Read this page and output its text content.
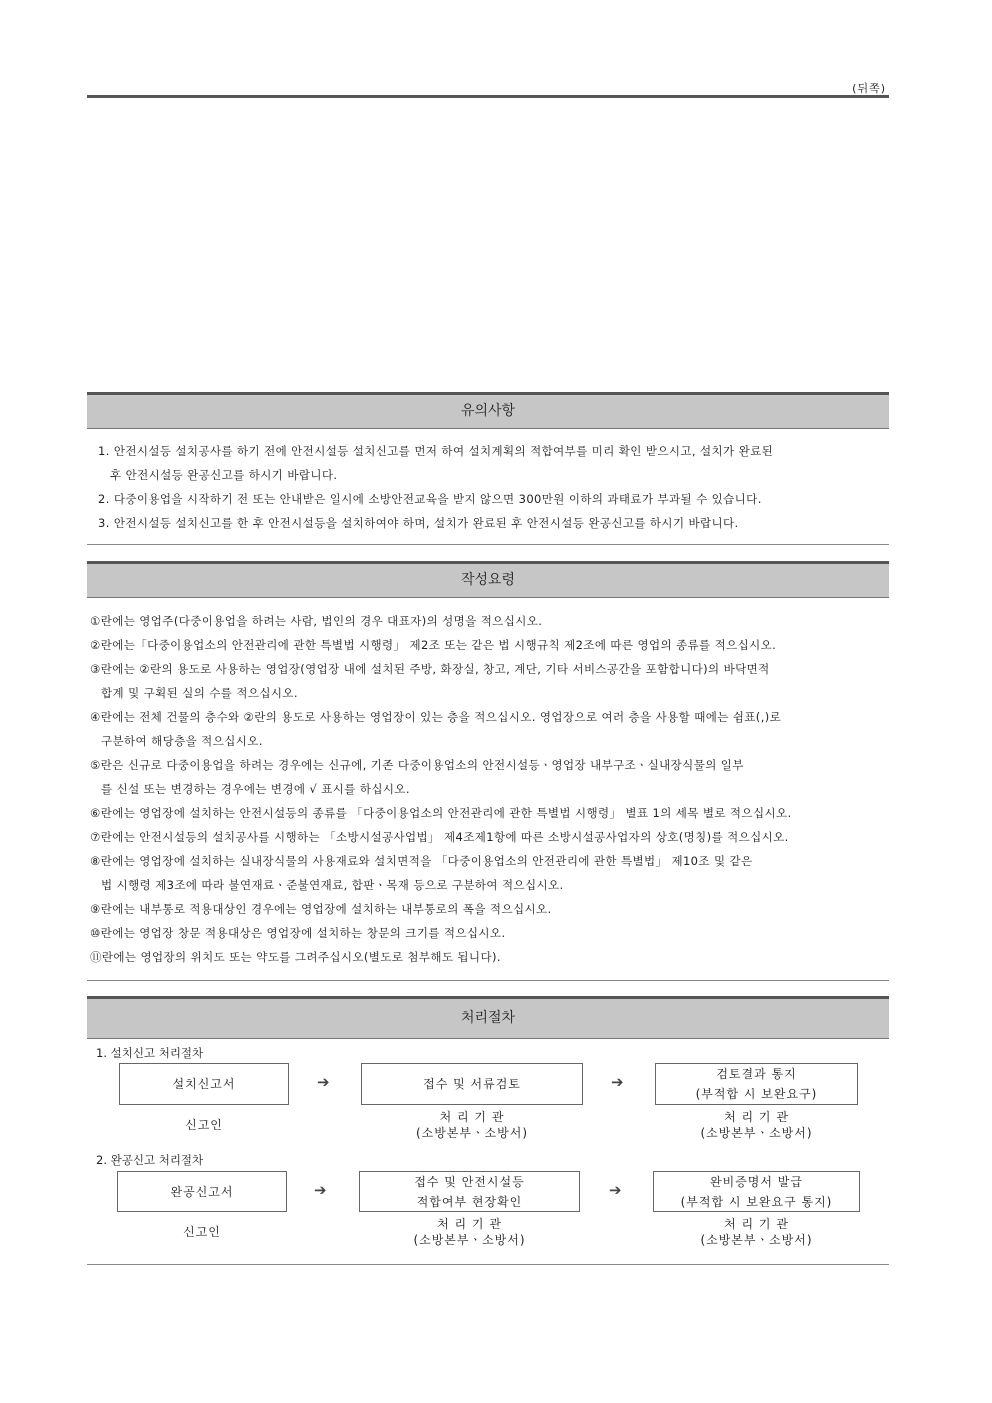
(뒤쪽)
유의사항
1. 안전시설등 설치공사를 하기 전에 안전시설등 설치신고를 먼저 하여 설치계획의 적합여부를 미리 확인 받으시고, 설치가 완료된
후 안전시설등 완공신고를 하시기 바랍니다.
2. 다중이용업을 시작하기 전 또는 안내받은 일시에 소방안전교육을 받지 않으면 300만원 이하의 과태료가 부과될 수 있습니다.
3. 안전시설등 설치신고를 한 후 안전시설등을 설치하여야 하며, 설치가 완료된 후 안전시설등 완공신고를 하시기 바랍니다.
작성요령
①란에는 영업주(다중이용업을 하려는 사람, 법인의 경우 대표자)의 성명을 적으십시오.
②란에는「다중이용업소의 안전관리에 관한 특별법 시행령」 제2조 또는 같은 법 시행규칙 제2조에 따른 영업의 종류를 적으십시오.
③란에는 ②란의 용도로 사용하는 영업장(영업장 내에 설치된 주방, 화장실, 창고, 계단, 기타 서비스공간을 포함합니다)의 바닥면적
합계 및 구획된 실의 수를 적으십시오.
④란에는 전체 건물의 층수와 ②란의 용도로 사용하는 영업장이 있는 층을 적으십시오. 영업장으로 여러 층을 사용할 때에는 쉼표(,)로
구분하여 해당층을 적으십시오.
⑤란은 신규로 다중이용업을 하려는 경우에는 신규에, 기존 다중이용업소의 안전시설등ㆍ영업장 내부구조ㆍ실내장식물의 일부
를 신설 또는 변경하는 경우에는 변경에 √ 표시를 하십시오.
⑥란에는 영업장에 설치하는 안전시설등의 종류를 「다중이용업소의 안전관리에 관한 특별법 시행령」 별표 1의 세목 별로 적으십시오.
⑦란에는 안전시설등의 설치공사를 시행하는 「소방시설공사업법」 제4조제1항에 따른 소방시설공사업자의 상호(명칭)를 적으십시오.
⑧란에는 영업장에 설치하는 실내장식물의 사용재료와 설치면적을 「다중이용업소의 안전관리에 관한 특별법」 제10조 및 같은
법 시행령 제3조에 따라 불연재료ㆍ준불연재료, 합판ㆍ목재 등으로 구분하여 적으십시오.
⑨란에는 내부통로 적용대상인 경우에는 영업장에 설치하는 내부통로의 폭을 적으십시오.
⑩란에는 영업장 창문 적용대상은 영업장에 설치하는 창문의 크기를 적으십시오.
⑪란에는 영업장의 위치도 또는 약도를 그려주십시오(별도로 첨부해도 됩니다).
처리절차
1. 설치신고 처리절차
설치신고서	➔	접수 및 서류검토	➔	검토결과 통지
(부적합 시 보완요구)
신고인
처 리 기 관
(소방본부ㆍ소방서)
처 리 기 관
(소방본부ㆍ소방서)
2. 완공신고 처리절차
완공신고서	➔	접수 및 안전시설등
적합여부 현장확인
➔	완비증명서 발급
(부적합 시 보완요구 통지)
신고인
처 리 기 관
(소방본부ㆍ소방서)
처 리 기 관
(소방본부ㆍ소방서)
